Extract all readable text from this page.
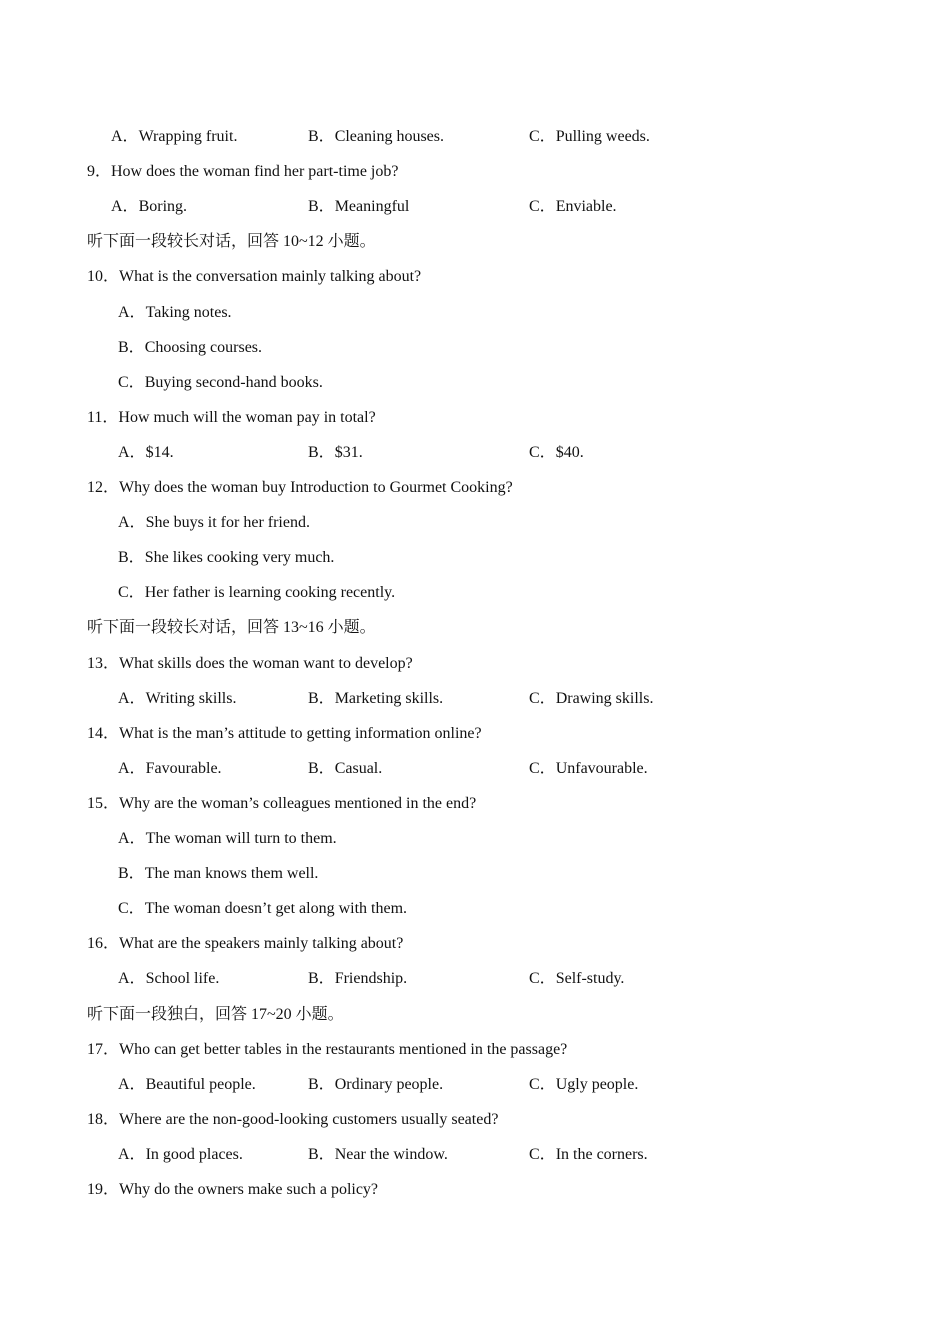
A．Wrapping fruit.	B．Cleaning houses.	C．Pulling weeds.
9．How does the woman find her part-time job?
A．Boring.	B．Meaningful	C．Enviable.
听下面一段较长对话，回答 10~12 小题。
10．What is the conversation mainly talking about?
A．Taking notes.
B．Choosing courses.
C．Buying second-hand books.
11．How much will the woman pay in total?
A．$14.	B．$31.	C．$40.
12．Why does the woman buy Introduction to Gourmet Cooking?
A．She buys it for her friend.
B．She likes cooking very much.
C．Her father is learning cooking recently.
听下面一段较长对话，回答 13~16 小题。
13．What skills does the woman want to develop?
A．Writing skills.	B．Marketing skills.	C．Drawing skills.
14．What is the man’s attitude to getting information online?
A．Favourable.	B．Casual.	C．Unfavourable.
15．Why are the woman’s colleagues mentioned in the end?
A．The woman will turn to them.
B．The man knows them well.
C．The woman doesn’t get along with them.
16．What are the speakers mainly talking about?
A．School life.	B．Friendship.	C．Self-study.
听下面一段独白，回答 17~20 小题。
17．Who can get better tables in the restaurants mentioned in the passage?
A．Beautiful people.	B．Ordinary people.	C．Ugly people.
18．Where are the non-good-looking customers usually seated?
A．In good places.	B．Near the window.	C．In the corners.
19．Why do the owners make such a policy?
